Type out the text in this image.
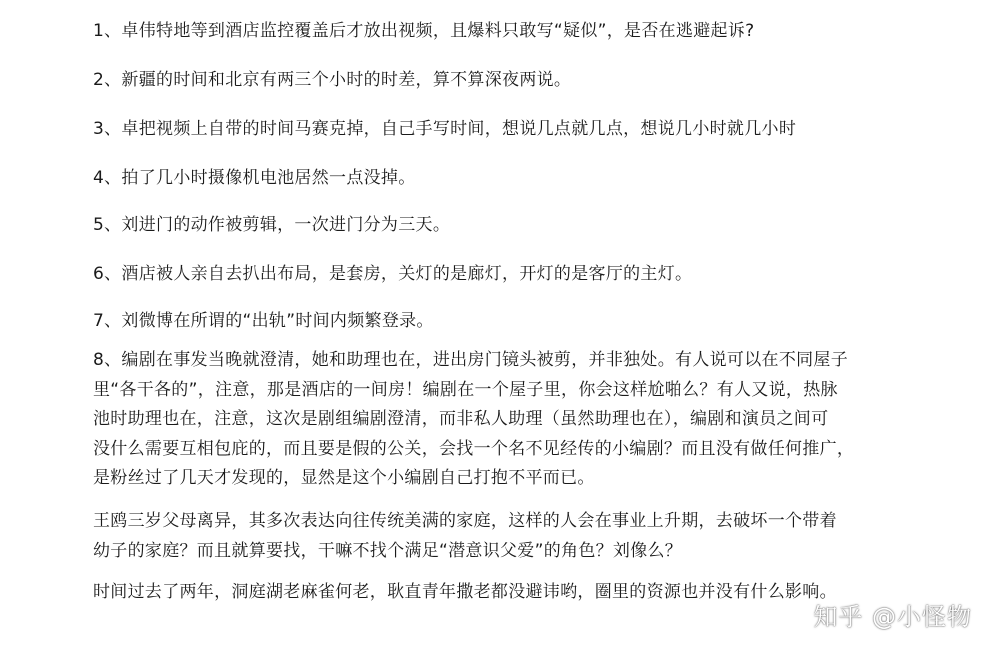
1、卓伟特地等到酒店监控覆盖后才放出视频，且爆料只敢写“疑似”，是否在逃避起诉?

2、新疆的时间和北京有两三个小时的时差，算不算深夜两说。

3、卓把视频上自带的时间马赛克掉，自己手写时间，想说几点就几点，想说几小时就几小时

4、拍了几小时摄像机电池居然一点没掉。

5、刘进门的动作被剪辑，一次进门分为三天。

6、酒店被人亲自去扒出布局，是套房，关灯的是廊灯，开灯的是客厅的主灯。

7、刘微博在所谓的“出轨”时间内频繁登录。

8、编剧在事发当晚就澄清，她和助理也在，进出房门镜头被剪，并非独处。有人说可以在不同屋子
里“各干各的”，注意，那是酒店的一间房！编剧在一个屋子里，你会这样尬啪么？有人又说，热脉
池时助理也在，注意，这次是剧组编剧澄清，而非私人助理（虽然助理也在），编剧和演员之间可
没什么需要互相包庇的，而且要是假的公关，会找一个名不见经传的小编剧？而且没有做任何推广，
是粉丝过了几天才发现的，显然是这个小编剧自己打抱不平而已。

王鸥三岁父母离异，其多次表达向往传统美满的家庭，这样的人会在事业上升期，去破坏一个带着
幼子的家庭？而且就算要找，干嘛不找个满足“潜意识父爱”的角色？刘像么？

时间过去了两年，洞庭湖老麻雀何老，耿直青年撒老都没避讳哟，圈里的资源也并没有什么影响。

知乎 @小怪物
